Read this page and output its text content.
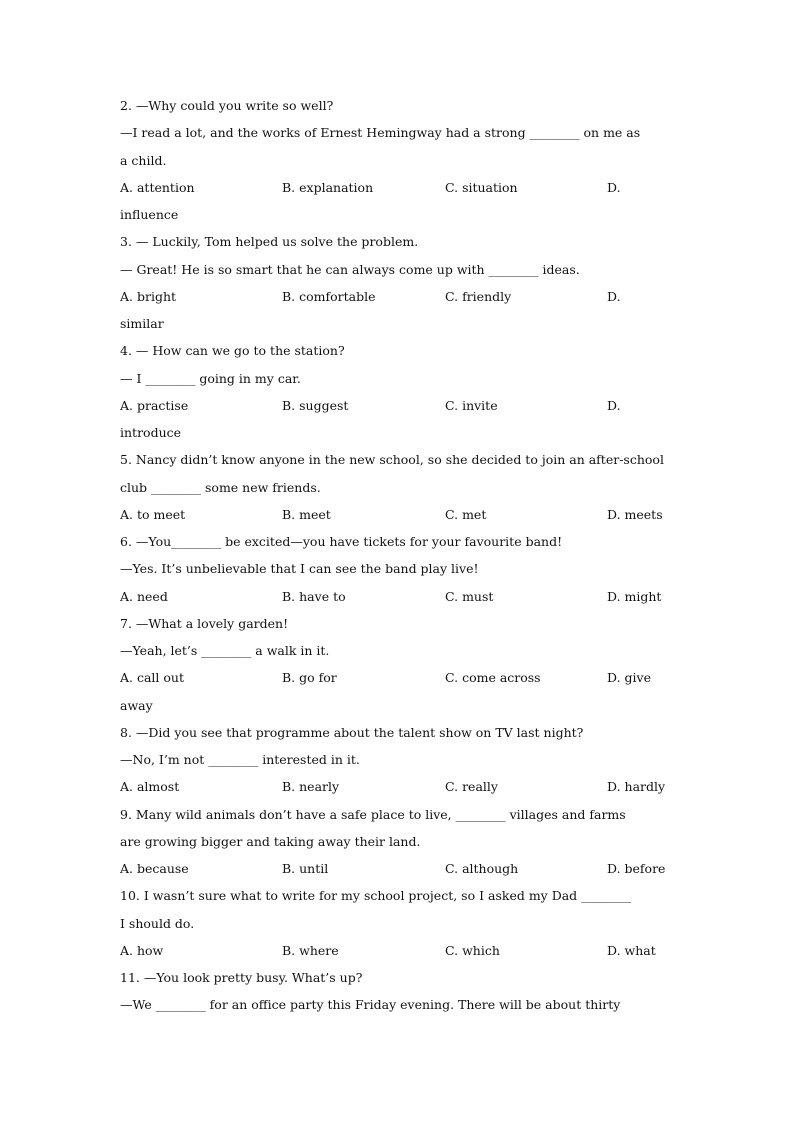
2. —Why could you write so well?
—I read a lot, and the works of Ernest Hemingway had a strong ________ on me as
a child.
A. attention	B. explanation	C. situation	D.
influence
3. — Luckily, Tom helped us solve the problem.
— Great! He is so smart that he can always come up with ________ ideas.
A. bright	B. comfortable	C. friendly	D.
similar
4. — How can we go to the station?
— I ________ going in my car.
A. practise	B. suggest	C. invite	D.
introduce
5. Nancy didn’t know anyone in the new school, so she decided to join an after-school
club ________ some new friends.
A. to meet	B. meet	C. met	D. meets
6. —You________ be excited—you have tickets for your favourite band!
—Yes. It’s unbelievable that I can see the band play live!
A. need	B. have to	C. must	D. might
7. —What a lovely garden!
—Yeah, let’s ________ a walk in it.
A. call out	B. go for	C. come across	D. give
away
8. —Did you see that programme about the talent show on TV last night?
—No, I’m not ________ interested in it.
A. almost	B. nearly	C. really	D. hardly
9. Many wild animals don’t have a safe place to live, ________ villages and farms
are growing bigger and taking away their land.
A. because	B. until	C. although	D. before
10. I wasn’t sure what to write for my school project, so I asked my Dad ________
I should do.
A. how	B. where	C. which	D. what
11. —You look pretty busy. What’s up?
—We ________ for an office party this Friday evening. There will be about thirty
